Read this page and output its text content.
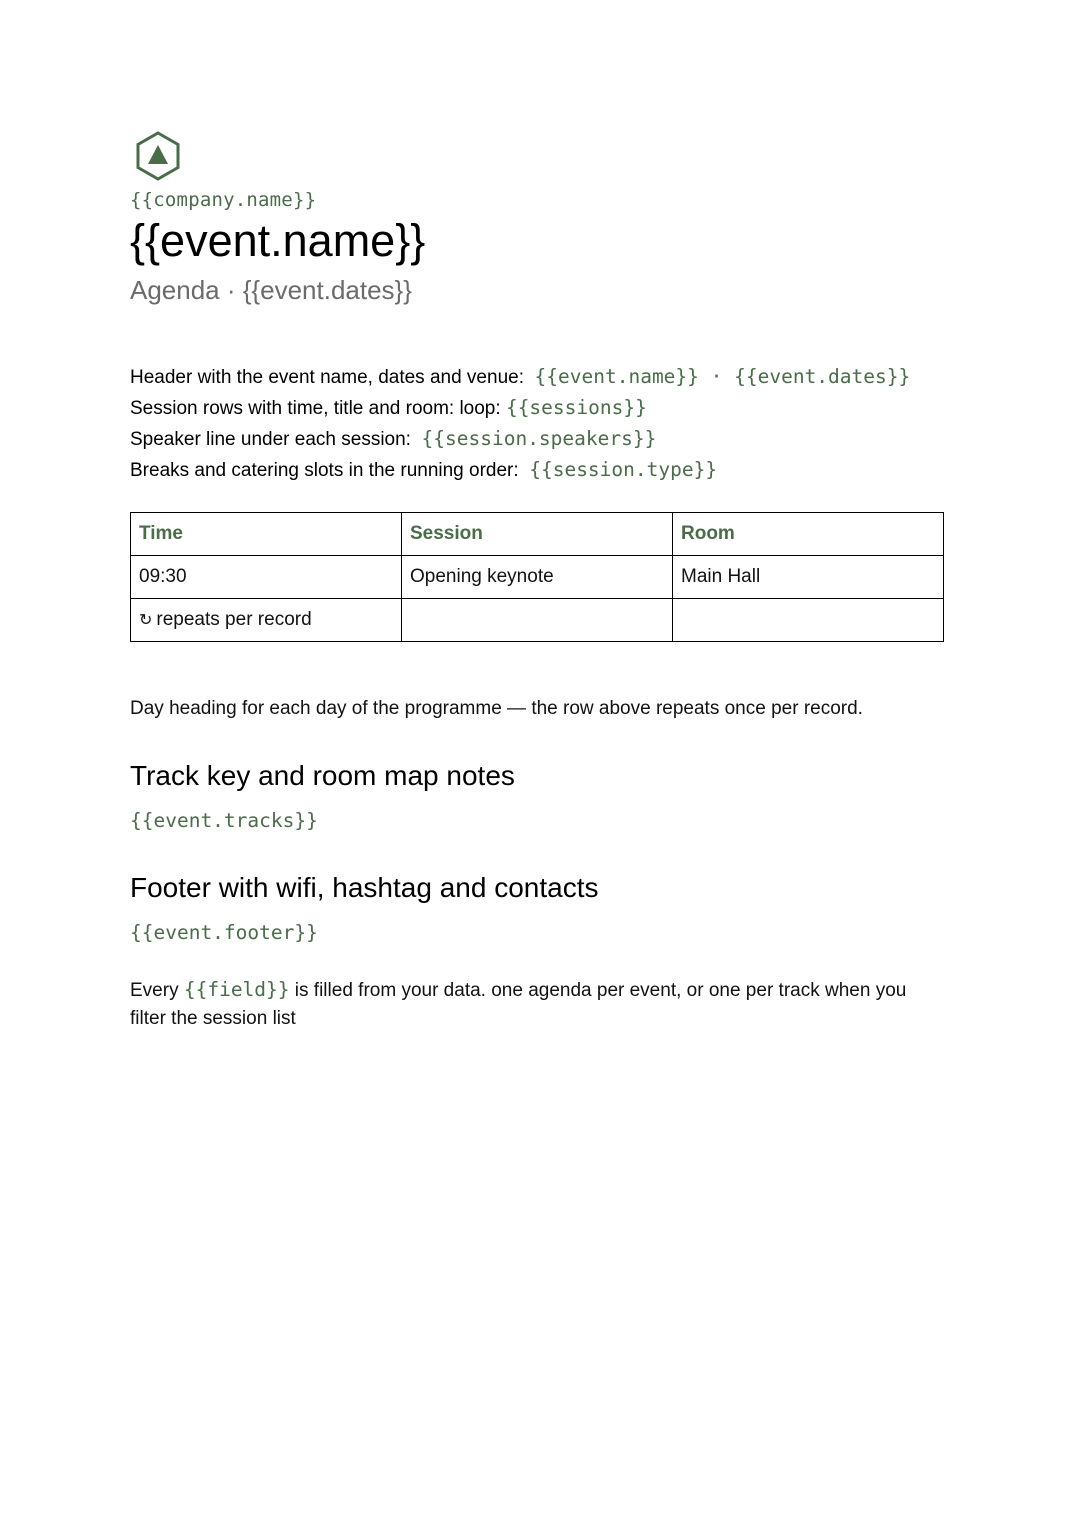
{{company.name}}
{{event.name}}
Agenda · {{event.dates}}
Header with the event name, dates and venue: {{event.name}} · {{event.dates}}
Session rows with time, title and room: loop: {{sessions}}
Speaker line under each session: {{session.speakers}}
Breaks and catering slots in the running order: {{session.type}}
Time	Session	Room
09:30	Opening keynote	Main Hall
↻ repeats per record		
Day heading for each day of the programme — the row above repeats once per record.
Track key and room map notes
{{event.tracks}}
Footer with wifi, hashtag and contacts
{{event.footer}}
Every {{field}} is filled from your data. one agenda per event, or one per track when you filter the session list
